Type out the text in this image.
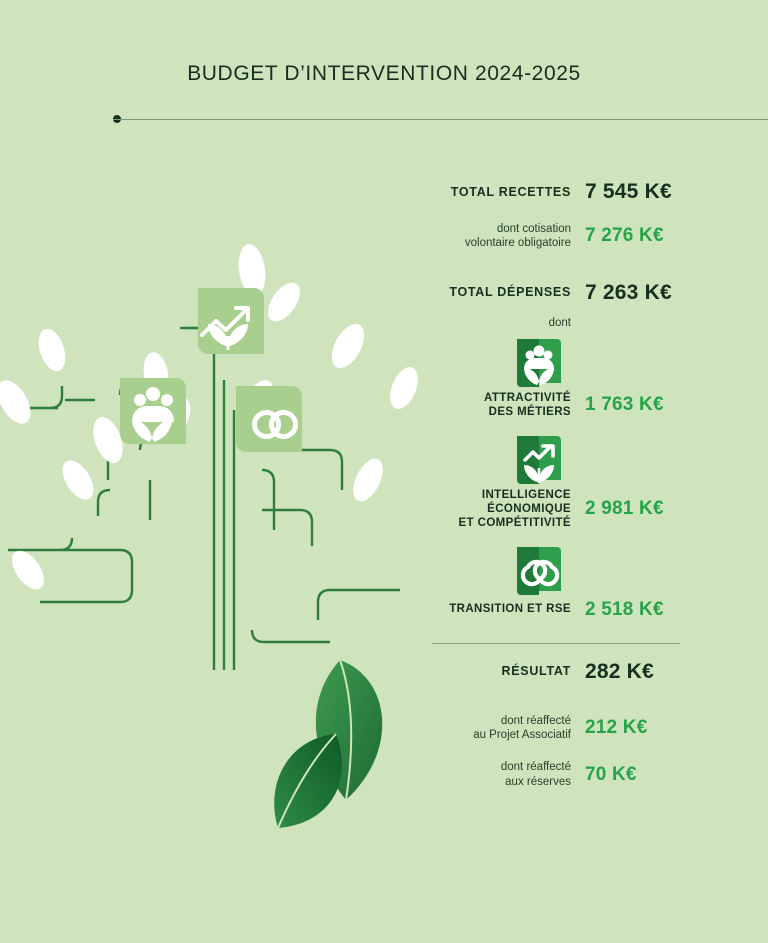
BUDGET D’INTERVENTION 2024-2025
TOTAL RECETTES 7 545 K€
dont cotisation
volontaire obligatoire 7 276 K€
TOTAL DÉPENSES 7 263 K€
dont
ATTRACTIVITÉ
DES MÉTIERS 1 763 K€
INTELLIGENCE
ÉCONOMIQUE
ET COMPÉTITIVITÉ
2 981 K€
TRANSITION ET RSE 2 518 K€
RÉSULTAT 282 K€
dont réaffecté
au Projet Associatif 212 K€
dont réaffecté
aux réserves 70 K€
